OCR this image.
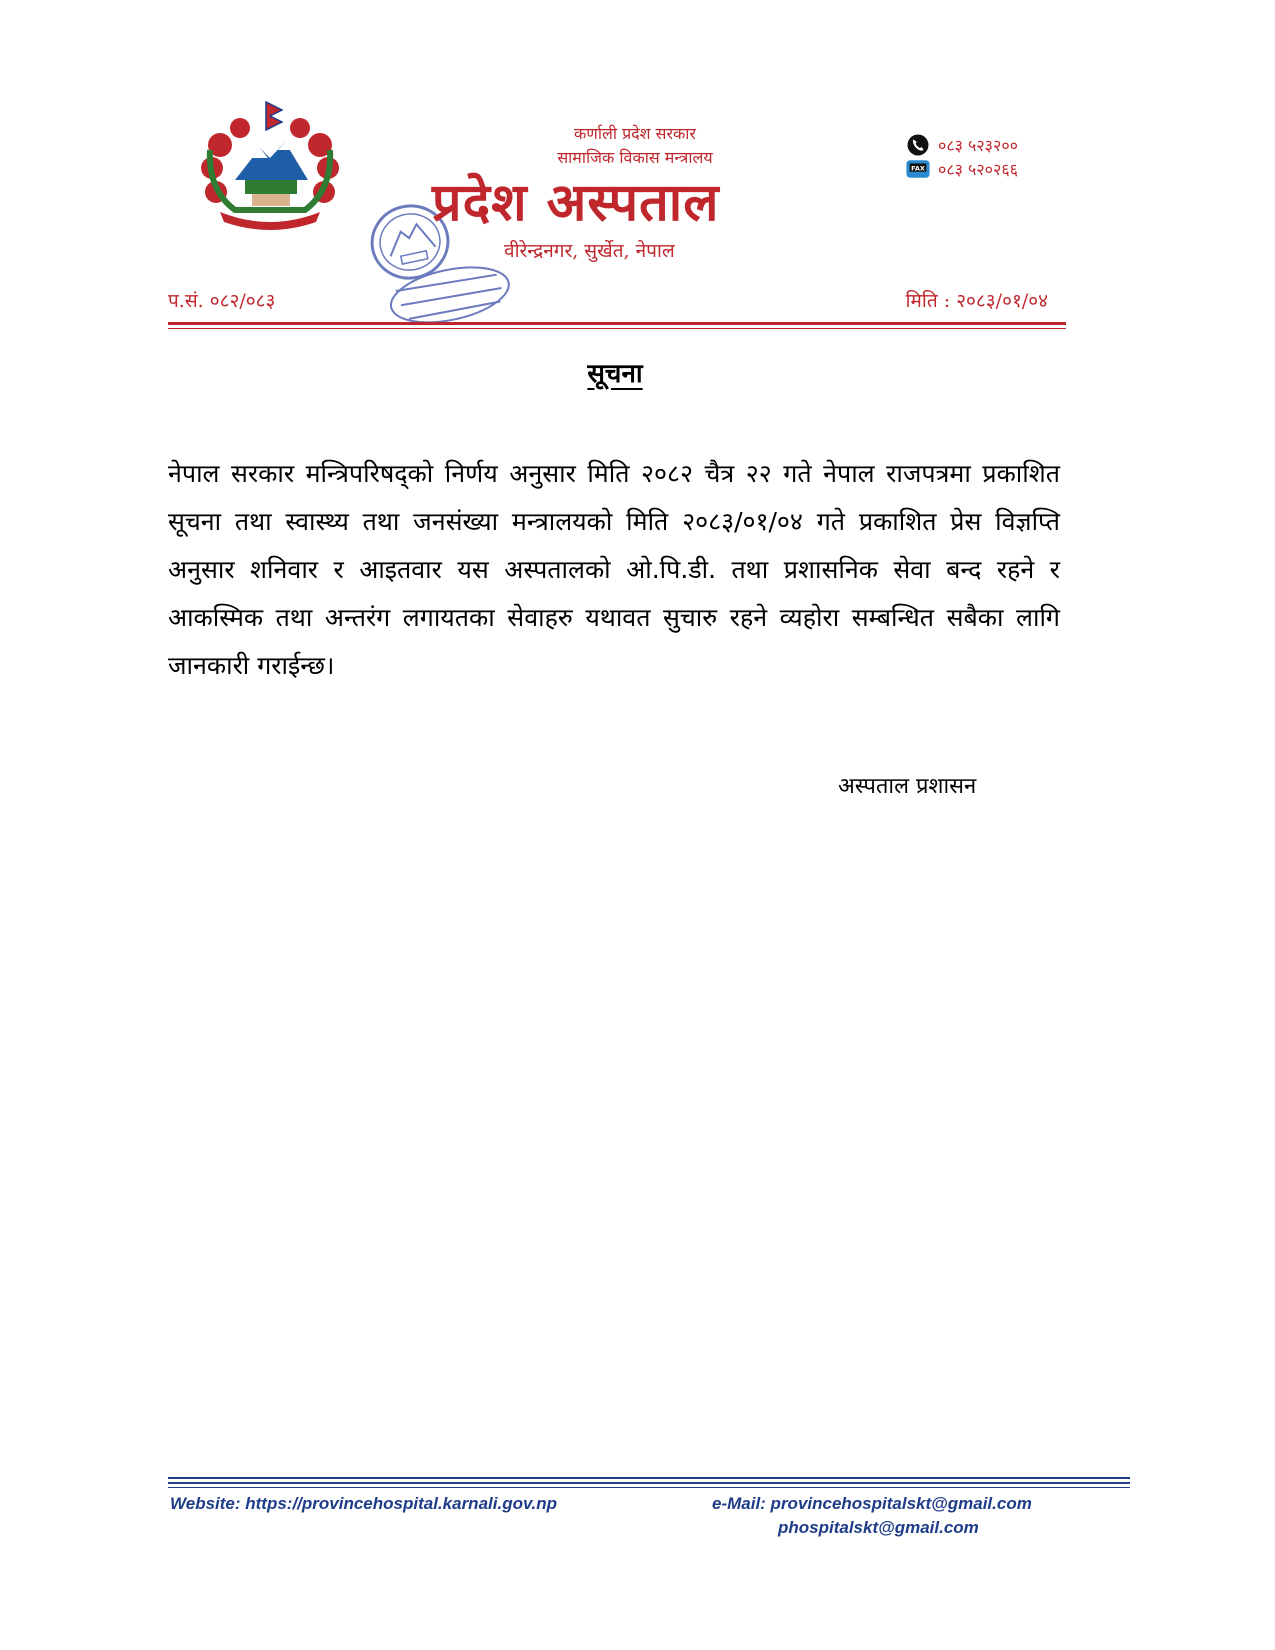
कर्णाली प्रदेश सरकार
सामाजिक विकास मन्त्रालय
प्रदेश अस्पताल
वीरेन्द्रनगर, सुर्खेत, नेपाल
०८३ ५२३२००
FAX ०८३ ५२०२६६
प.सं. ०८२/०८३	मिति : २०८३/०१/०४
सूचना
नेपाल सरकार मन्त्रिपरिषद्को निर्णय अनुसार मिति २०८२ चैत्र २२ गते नेपाल राजपत्रमा प्रकाशित सूचना तथा स्वास्थ्य तथा जनसंख्या मन्त्रालयको मिति २०८३/०१/०४ गते प्रकाशित प्रेस विज्ञप्ति अनुसार शनिवार र आइतवार यस अस्पतालको ओ.पि.डी. तथा प्रशासनिक सेवा बन्द रहने र आकस्मिक तथा अन्तरंग लगायतका सेवाहरु यथावत सुचारु रहने व्यहोरा सम्बन्धित सबैका लागि जानकारी गराईन्छ।
अस्पताल प्रशासन
Website: https://provincehospital.karnali.gov.np	e-Mail: provincehospitalskt@gmail.com
phospitalskt@gmail.com
